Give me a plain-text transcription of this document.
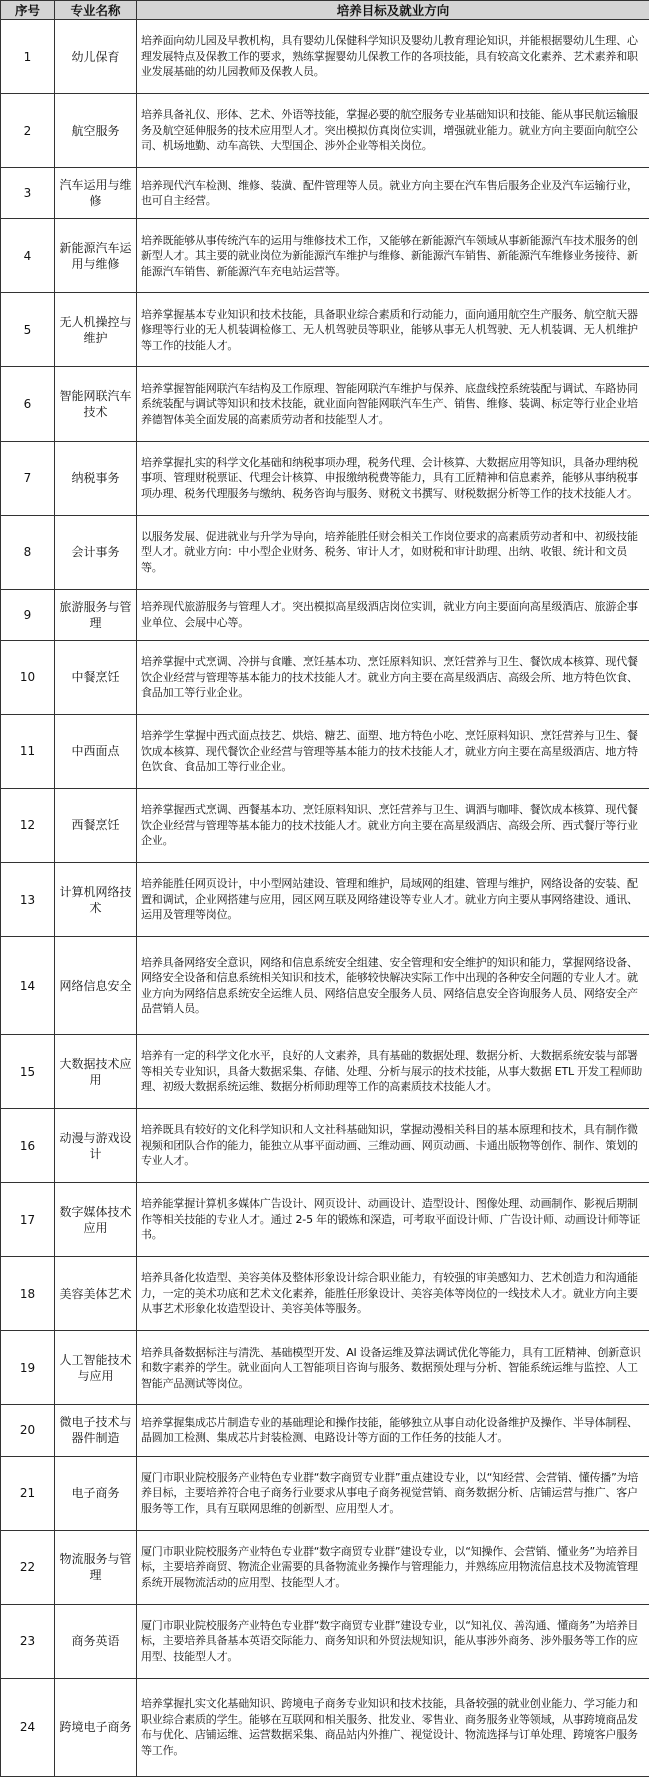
序号	专业名称	培养目标及就业方向
1	幼儿保育	培养面向幼儿园及早教机构，具有婴幼儿保健科学知识及婴幼儿教育理论知识，并能根据婴幼儿生理、心理发展特点及保教工作的要求，熟练掌握婴幼儿保教工作的各项技能，具有较高文化素养、艺术素养和职业发展基础的幼儿园教师及保教人员。
2	航空服务	培养具备礼仪、形体、艺术、外语等技能，掌握必要的航空服务专业基础知识和技能、能从事民航运输服务及航空延伸服务的技术应用型人才。突出模拟仿真岗位实训，增强就业能力。就业方向主要面向航空公司、机场地勤、动车高铁、大型国企、涉外企业等相关岗位。
3	汽车运用与维修	培养现代汽车检测、维修、装潢、配件管理等人员。就业方向主要在汽车售后服务企业及汽车运输行业，也可自主经营。
4	新能源汽车运用与维修	培养既能够从事传统汽车的运用与维修技术工作，又能够在新能源汽车领域从事新能源汽车技术服务的创新型人才。其主要的就业岗位为新能源汽车维护与维修、新能源汽车销售、新能源汽车维修业务接待、新能源汽车销售、新能源汽车充电站运营等。
5	无人机操控与维护	培养掌握基本专业知识和技术技能，具备职业综合素质和行动能力，面向通用航空生产服务、航空航天器修理等行业的无人机装调检修工、无人机驾驶员等职业，能够从事无人机驾驶、无人机装调、无人机维护等工作的技能人才。
6	智能网联汽车技术	培养掌握智能网联汽车结构及工作原理、智能网联汽车维护与保养、底盘线控系统装配与调试、车路协同系统装配与调试等知识和技术技能，就业面向智能网联汽车生产、销售、维修、装调、标定等行业企业培养德智体美全面发展的高素质劳动者和技能型人才。
7	纳税事务	培养掌握扎实的科学文化基础和纳税事项办理，税务代理、会计核算、大数据应用等知识，具备办理纳税事项、管理财税票证、代理会计核算、申报缴纳税费等能力，具有工匠精神和信息素养，能够从事纳税事项办理、税务代理服务与缴纳、税务咨询与服务、财税文书撰写、财税数据分析等工作的技术技能人才。
8	会计事务	以服务发展、促进就业与升学为导向，培养能胜任财会相关工作岗位要求的高素质劳动者和中、初级技能型人才。就业方向：中小型企业财务、税务、审计人才，如财税和审计助理、出纳、收银、统计和文员等。
9	旅游服务与管理	培养现代旅游服务与管理人才。突出模拟高星级酒店岗位实训，就业方向主要面向高星级酒店、旅游企事业单位、会展中心等。
10	中餐烹饪	培养掌握中式烹调、冷拼与食雕、烹饪基本功、烹饪原料知识、烹饪营养与卫生、餐饮成本核算、现代餐饮企业经营与管理等基本能力的技术技能人才。就业方向主要在高星级酒店、高级会所、地方特色饮食、食品加工等行业企业。
11	中西面点	培养学生掌握中西式面点技艺、烘焙、糖艺、面塑、地方特色小吃、烹饪原料知识、烹饪营养与卫生、餐饮成本核算、现代餐饮企业经营与管理等基本能力的技术技能人才，就业方向主要在高星级酒店、地方特色饮食、食品加工等行业企业。
12	西餐烹饪	培养掌握西式烹调、西餐基本功、烹饪原料知识、烹饪营养与卫生、调酒与咖啡、餐饮成本核算、现代餐饮企业经营与管理等基本能力的技术技能人才。就业方向主要在高星级酒店、高级会所、西式餐厅等行业企业。
13	计算机网络技术	培养能胜任网页设计，中小型网站建设、管理和维护，局域网的组建、管理与维护，网络设备的安装、配置和调试，企业网搭建与应用，园区网互联及网络建设等专业人才。就业方向主要从事网络建设、通讯、运用及管理等岗位。
14	网络信息安全	培养具备网络安全意识，网络和信息系统安全组建、安全管理和安全维护的知识和能力，掌握网络设备、网络安全设备和信息系统相关知识和技术，能够较快解决实际工作中出现的各种安全问题的专业人才。就业方向为网络信息系统安全运维人员、网络信息安全服务人员、网络信息安全咨询服务人员、网络安全产品营销人员。
15	大数据技术应用	培养有一定的科学文化水平，良好的人文素养，具有基础的数据处理、数据分析、大数据系统安装与部署等相关专业知识，具备大数据采集、存储、处理、分析与展示的技术技能，从事大数据 ETL 开发工程师助理、初级大数据系统运维、数据分析师助理等工作的高素质技术技能人才。
16	动漫与游戏设计	培养既具有较好的文化科学知识和人文社科基础知识，掌握动漫相关科目的基本原理和技术，具有制作微视频和团队合作的能力，能独立从事平面动画、三维动画、网页动画、卡通出版物等创作、制作、策划的专业人才。
17	数字媒体技术应用	培养能掌握计算机多媒体广告设计、网页设计、动画设计、造型设计、图像处理、动画制作、影视后期制作等相关技能的专业人才。通过 2-5 年的锻炼和深造，可考取平面设计师、广告设计师、动画设计师等证书。
18	美容美体艺术	培养具备化妆造型、美容美体及整体形象设计综合职业能力，有较强的审美感知力、艺术创造力和沟通能力，一定的美术功底和艺术文化素养，能胜任形象设计、美容美体等岗位的一线技术人才。就业方向主要从事艺术形象化妆造型设计、美容美体等服务。
19	人工智能技术与应用	培养具备数据标注与清洗、基础模型开发、AI 设备运维及算法调试优化等能力，具有工匠精神、创新意识和数字素养的学生。就业面向人工智能项目咨询与服务、数据预处理与分析、智能系统运维与监控、人工智能产品测试等岗位。
20	微电子技术与器件制造	培养掌握集成芯片制造专业的基础理论和操作技能，能够独立从事自动化设备维护及操作、半导体制程、晶圆加工检测、集成芯片封装检测、电路设计等方面的工作任务的技能人才。
21	电子商务	厦门市职业院校服务产业特色专业群“数字商贸专业群”重点建设专业，以“知经营、会营销、懂传播”为培养目标，主要培养符合电子商务行业要求从事电子商务视觉营销、商务数据分析、店铺运营与推广、客户服务等工作，具有互联网思维的创新型、应用型人才。
22	物流服务与管理	厦门市职业院校服务产业特色专业群“数字商贸专业群”建设专业，以“知操作、会营销、懂业务”为培养目标，主要培养商贸、物流企业需要的具备物流业务操作与管理能力，并熟练应用物流信息技术及物流管理系统开展物流活动的应用型、技能型人才。
23	商务英语	厦门市职业院校服务产业特色专业群“数字商贸专业群”建设专业，以“知礼仪、善沟通、懂商务”为培养目标，主要培养具备基本英语交际能力、商务知识和外贸法规知识，能从事涉外商务、涉外服务等工作的应用型、技能型人才。
24	跨境电子商务	培养掌握扎实文化基础知识、跨境电子商务专业知识和技术技能，具备较强的就业创业能力、学习能力和职业综合素质的学生。能够在互联网和相关服务、批发业、零售业、商务服务业等领域，从事跨境商品发布与优化、店铺运维、运营数据采集、商品站内外推广、视觉设计、物流选择与订单处理、跨境客户服务等工作。
